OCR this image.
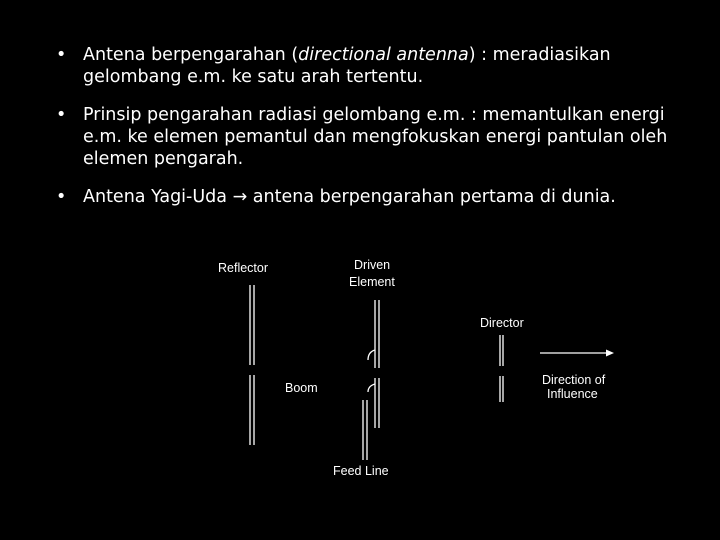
• Antena berpengarahan (directional antenna) : meradiasikan gelombang e.m. ke satu arah tertentu.
• Prinsip pengarahan radiasi gelombang e.m. : memantulkan energi e.m. ke elemen pemantul dan mengfokuskan energi pantulan oleh elemen pengarah.
• Antena Yagi-Uda → antena berpengarahan pertama di dunia.
Reflector	Driven
Element
Director
Boom
Feed Line
Direction of
Influence
